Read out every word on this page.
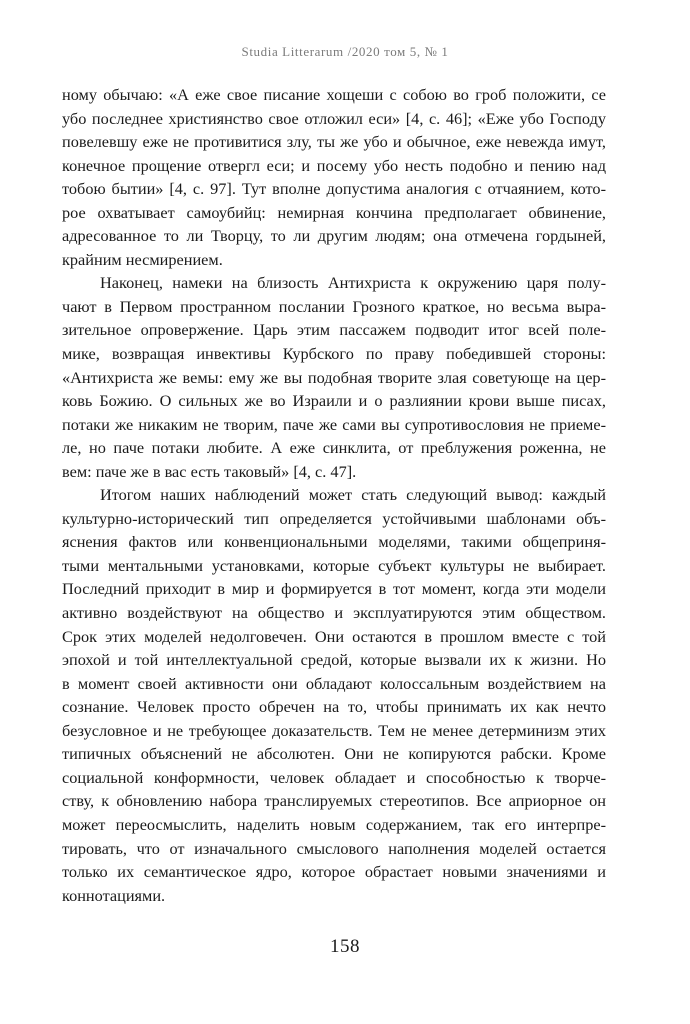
Studia Litterarum /2020 том 5, № 1

ному обычаю: «А еже свое писание хощеши с собою во гроб положити, се
убо последнее християнство свое отложил еси» [4, с. 46]; «Еже убо Господу
повелевшу еже не противитися злу, ты же убо и обычное, еже невежда имут,
конечное прощение отвергл еси; и посему убо несть подобно и пению над
тобою бытии» [4, с. 97]. Тут вполне допустима аналогия с отчаянием, кото-
рое охватывает самоубийц: немирная кончина предполагает обвинение,
адресованное то ли Творцу, то ли другим людям; она отмечена гордыней,
крайним несмирением.

Наконец, намеки на близость Антихриста к окружению царя полу-
чают в Первом пространном послании Грозного краткое, но весьма выра-
зительное опровержение. Царь этим пассажем подводит итог всей поле-
мике, возвращая инвективы Курбского по праву победившей стороны:
«Антихриста же вемы: ему же вы подобная творите злая советующе на цер-
ковь Божию. О сильных же во Израили и о разлиянии крови выше писах,
потаки же никаким не творим, паче же сами вы супротивословия не приеме-
ле, но паче потаки любите. А еже синклита, от преблужения роженна, не
вем: паче же в вас есть таковый» [4, с. 47].

Итогом наших наблюдений может стать следующий вывод: каждый
культурно-исторический тип определяется устойчивыми шаблонами объ-
яснения фактов или конвенциональными моделями, такими общеприня-
тыми ментальными установками, которые субъект культуры не выбирает.
Последний приходит в мир и формируется в тот момент, когда эти модели
активно воздействуют на общество и эксплуатируются этим обществом.
Срок этих моделей недолговечен. Они остаются в прошлом вместе с той
эпохой и той интеллектуальной средой, которые вызвали их к жизни. Но
в момент своей активности они обладают колоссальным воздействием на
сознание. Человек просто обречен на то, чтобы принимать их как нечто
безусловное и не требующее доказательств. Тем не менее детерминизм этих
типичных объяснений не абсолютен. Они не копируются рабски. Кроме
социальной конформности, человек обладает и способностью к творче-
ству, к обновлению набора транслируемых стереотипов. Все априорное он
может переосмыслить, наделить новым содержанием, так его интерпре-
тировать, что от изначального смыслового наполнения моделей остается
только их семантическое ядро, которое обрастает новыми значениями и
коннотациями.

158
